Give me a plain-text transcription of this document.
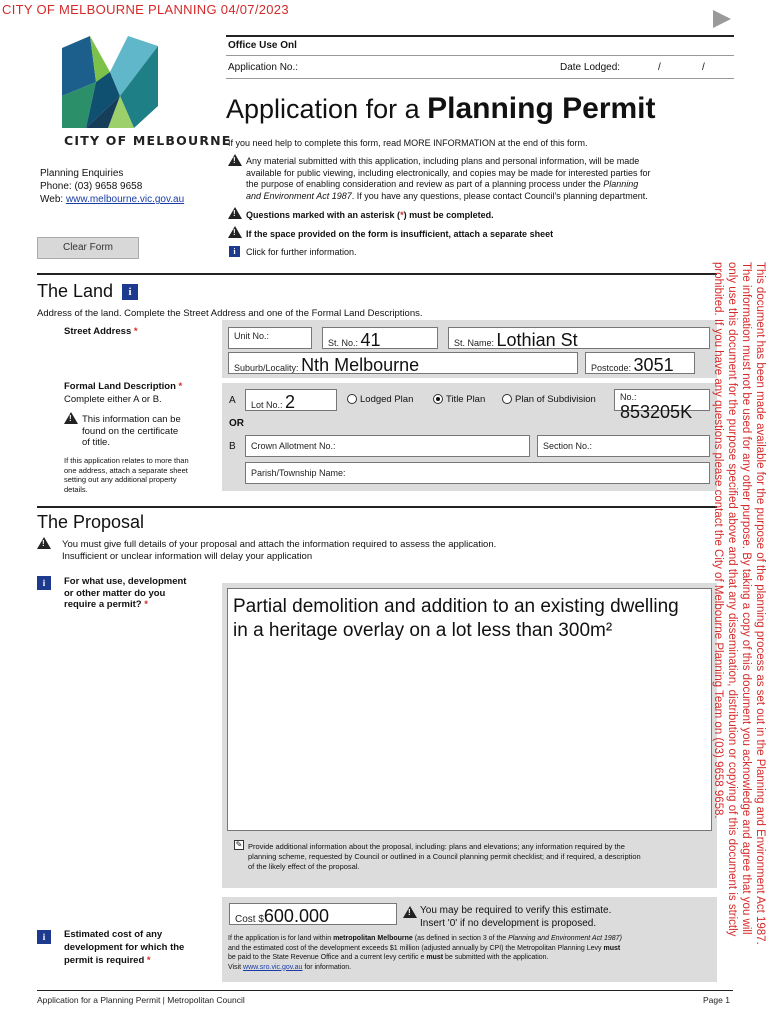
CITY OF MELBOURNE PLANNING 04/07/2023
CITY OF MELBOURNE
Planning Enquiries
Phone: (03) 9658 9658
Web: www.melbourne.vic.gov.au
Office Use Onl
Application No.:	Date Lodged:	/	/
Application for a Planning Permit
If you need help to complete this form, read MORE INFORMATION at the end of this form.
!
Any material submitted with this application, including plans and personal information, will be made
available for public viewing, including electronically, and copies may be made for interested parties for
the purpose of enabling consideration and review as part of a planning process under the Planning
and Environment Act 1987. If you have any questions, please contact Council’s planning department.
!
Questions marked with an asterisk (*) must be completed.
!
If the space provided on the form is insufficient, attach a separate sheet
i	Click for further information.
Clear Form
The Land	i
Address of the land. Complete the Street Address and one of the Formal Land Descriptions.
Street Address *	Unit No.:
St. No.: 41	St. Name: Lothian St
Suburb/Locality: Nth Melbourne	Postcode: 3051
Formal Land Description *
Complete either A or B.
!
This information can be
found on the certificate
of title.
If this application relates to more than
one address, attach a separate sheet
setting out any additional property
details.
A	Lot No.: 2	Lodged Plan	Title Plan	Plan of Subdivision	No.: 853205K
OR
B	Crown Allotment No.:	Section No.:
Parish/Township Name:
The Proposal
!
You must give full details of your proposal and attach the information required to assess the application.
Insufficient or unclear information will delay your application
i	For what use, development
or other matter do you
require a permit? *	Partial demolition and addition to an existing dwelling
in a heritage overlay on a lot less than 300m²
✎ Provide additional information about the proposal, including: plans and elevations; any information required by the
planning scheme, requested by Council or outlined in a Council planning permit checklist; and if required, a description
of the likely effect of the proposal.
Cost $600.000
!	You may be required to verify this estimate.
Insert '0' if no development is proposed.
If the application is for land within metropolitan Melbourne (as defined in section 3 of the Planning and Environment Act 1987)
and the estimated cost of the development exceeds $1 million (adjusted annually by CPI) the Metropolitan Planning Levy must
be paid to the State Revenue Office and a current levy certific e must be submitted with the application.
Visit www.sro.vic.gov.au for information.
i	Estimated cost of any
development for which the
permit is required *
Application for a Planning Permit | Metropolitan Council	Page 1
This document has been made available for the purpose of the planning process as set out in the Planning and Environment Act 1987.
The information must not be used for any other purpose. By taking a copy of this document you acknowledge and agree that you will
only use this document for the purpose specified above and that any dissemination, distribution or copying of this document is strictly
prohibited. If you have any questions please contact the City of Melbourne Planning Team on (03) 9658 9658.
